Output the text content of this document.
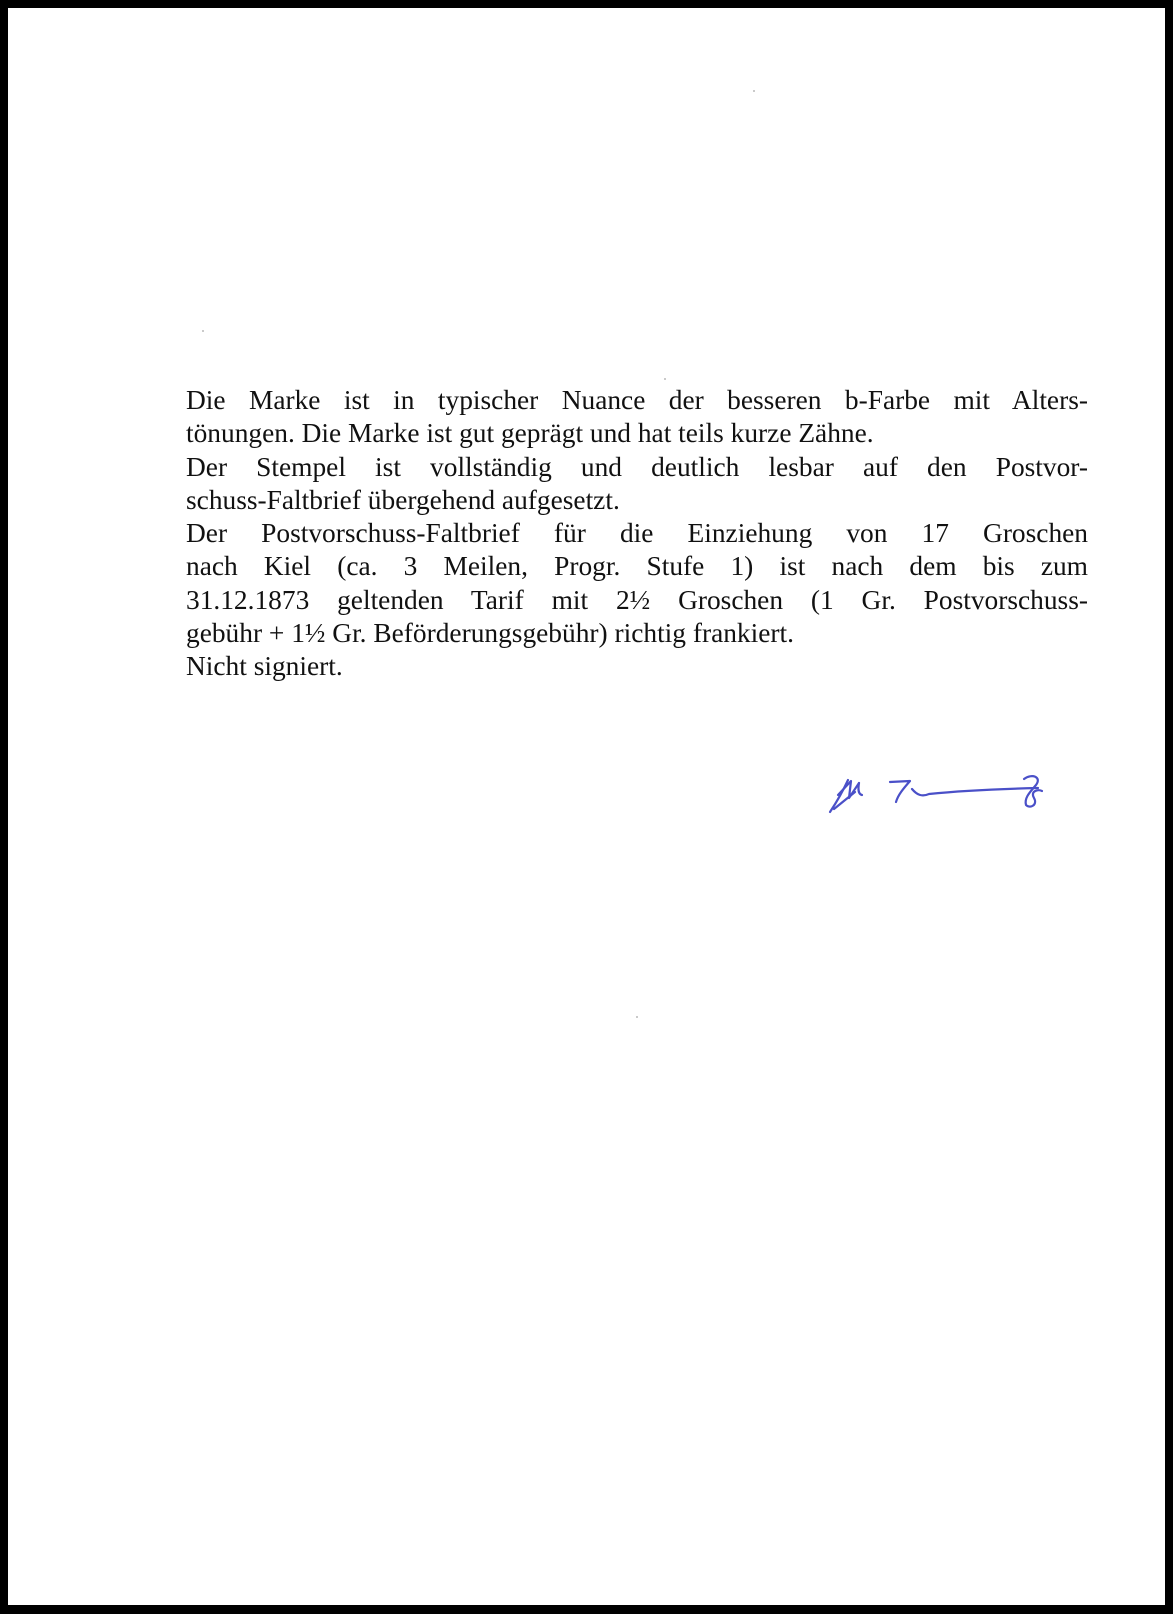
Die Marke ist in typischer Nuance der besseren b-Farbe mit Alters-
tönungen. Die Marke ist gut geprägt und hat teils kurze Zähne.
Der Stempel ist vollständig und deutlich lesbar auf den Postvor-
schuss-Faltbrief übergehend aufgesetzt.
Der Postvorschuss-Faltbrief für die Einziehung von 17 Groschen
nach Kiel (ca. 3 Meilen, Progr. Stufe 1) ist nach dem bis zum
31.12.1873 geltenden Tarif mit 2½ Groschen (1 Gr. Postvorschuss-
gebühr + 1½ Gr. Beförderungsgebühr) richtig frankiert.
Nicht signiert.
